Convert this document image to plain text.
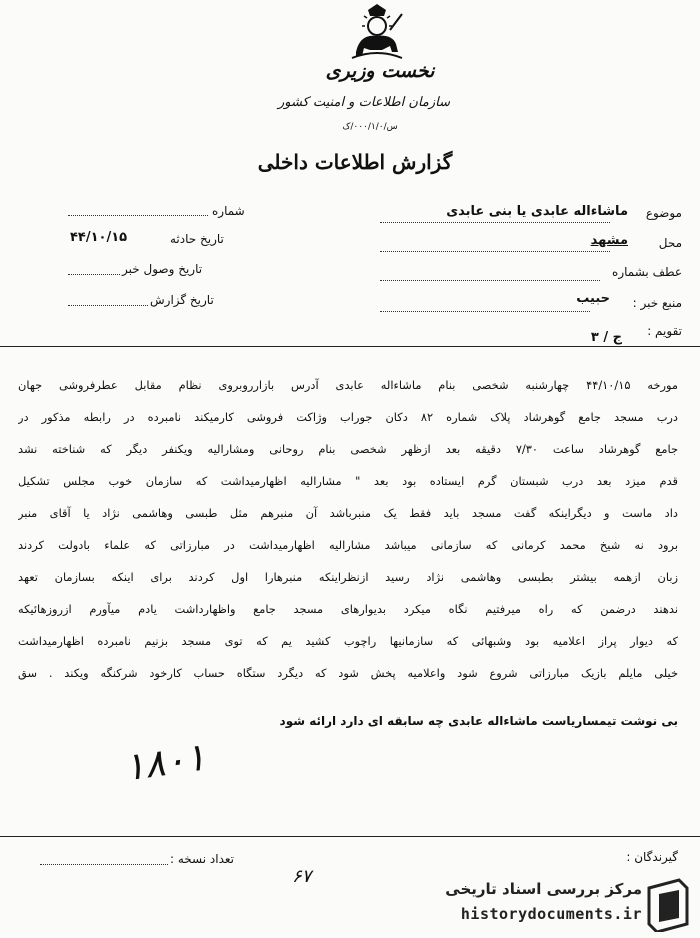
نخست وزیری
سازمان اطلاعات و امنیت کشور
س/۰۰۰/۱/۰/ک
گزارش اطلاعات داخلی
موضوع
ماشاءاله عابدی یا بنی عابدی
محل
مشهد
عطف بشماره
منبع خبر :
حبیب
تقویم :
ج / ۳
شماره
تاریخ حادثه
۴۴/۱۰/۱۵
تاریخ وصول خبر
تاریخ گزارش
مورخه ۴۴/۱۰/۱۵ چهارشنبه شخصی بنام ماشاءاله عابدی آدرس بازارروبروی نظام مقابل عطرفروشی جهان
درب مسجد جامع گوهرشاد پلاک شماره ۸۲ دکان جوراب وژاکت فروشی کارمیکند نامبرده در رابطه مذکور در
جامع گوهرشاد ساعت ۷/۳۰ دقیقه بعد ازظهر شخصی بنام روحانی ومشارالیه ویکنفر دیگر که شناخته نشد
قدم میزد بعد درب شبستان گرم ایستاده بود بعد " مشارالیه اظهارمیداشت که سازمان خوب مجلس تشکیل
داد ماست و دیگراینکه گفت مسجد باید فقط یک منبرباشد آن منبرهم مثل طبسی وهاشمی نژاد یا آقای منبر
برود نه شیخ محمد کرمانی که سازمانی میباشد مشارالیه اظهارمیداشت در مبارزاتی که علماء بادولت کردند
زبان ازهمه بیشتر بطبسی وهاشمی نژاد رسید ازنظراینکه منبرهارا اول کردند برای اینکه بسازمان تعهد
ندهند درضمن که راه میرفتیم نگاه میکرد بدیوارهای مسجد جامع واظهارداشت یادم میآورم ازروزهائیکه
که دیوار پراز اعلامیه بود وشبهائی که سازمانیها راچوب کشید یم که توی مسجد بزنیم نامبرده اظهارمیداشت
خیلی مایلم بازیک مبارزاتی شروع شود واعلامیه پخش شود که دیگرد ستگاه حساب کارخود شرکنگه ویکند . سق
بی نوشت تیمساریاست ماشاءاله عابدی چه سابقه ای دارد ارائه شود
۱۸۰۱
گیرندگان :
تعداد نسخه :
۶۷
مرکز بررسی اسناد تاریخی
historydocuments.ir
